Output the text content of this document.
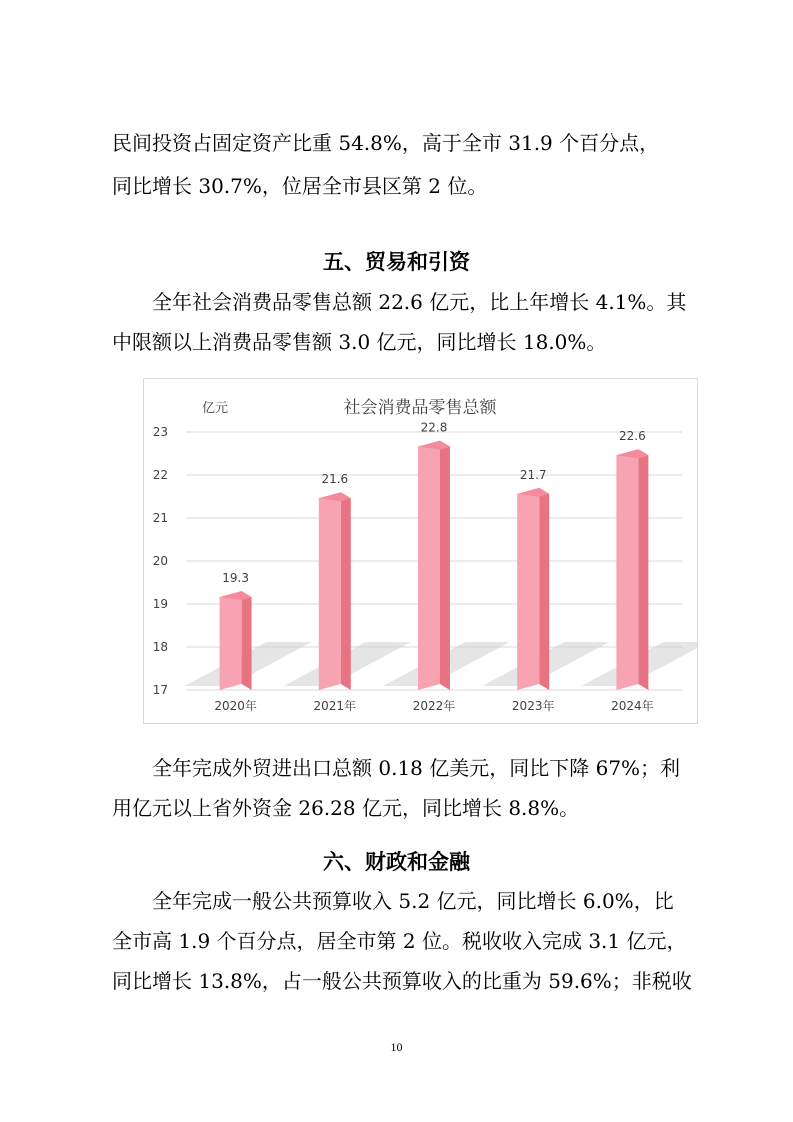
民间投资占固定资产比重 54.8%，高于全市 31.9 个百分点，
同比增长 30.7%，位居全市县区第 2 位。
五、贸易和引资
全年社会消费品零售总额 22.6 亿元，比上年增长 4.1%。其
中限额以上消费品零售额 3.0 亿元，同比增长 18.0%。
社会消费品零售总额
亿元
17
18
19
20
21
22
23
19.3
2020年
21.6
2021年
22.8
2022年
21.7
2023年
22.6
2024年
全年完成外贸进出口总额 0.18 亿美元，同比下降 67%；利
用亿元以上省外资金 26.28 亿元，同比增长 8.8%。
六、财政和金融
全年完成一般公共预算收入 5.2 亿元，同比增长 6.0%，比
全市高 1.9 个百分点，居全市第 2 位。税收收入完成 3.1 亿元，
同比增长 13.8%，占一般公共预算收入的比重为 59.6%；非税收
10
